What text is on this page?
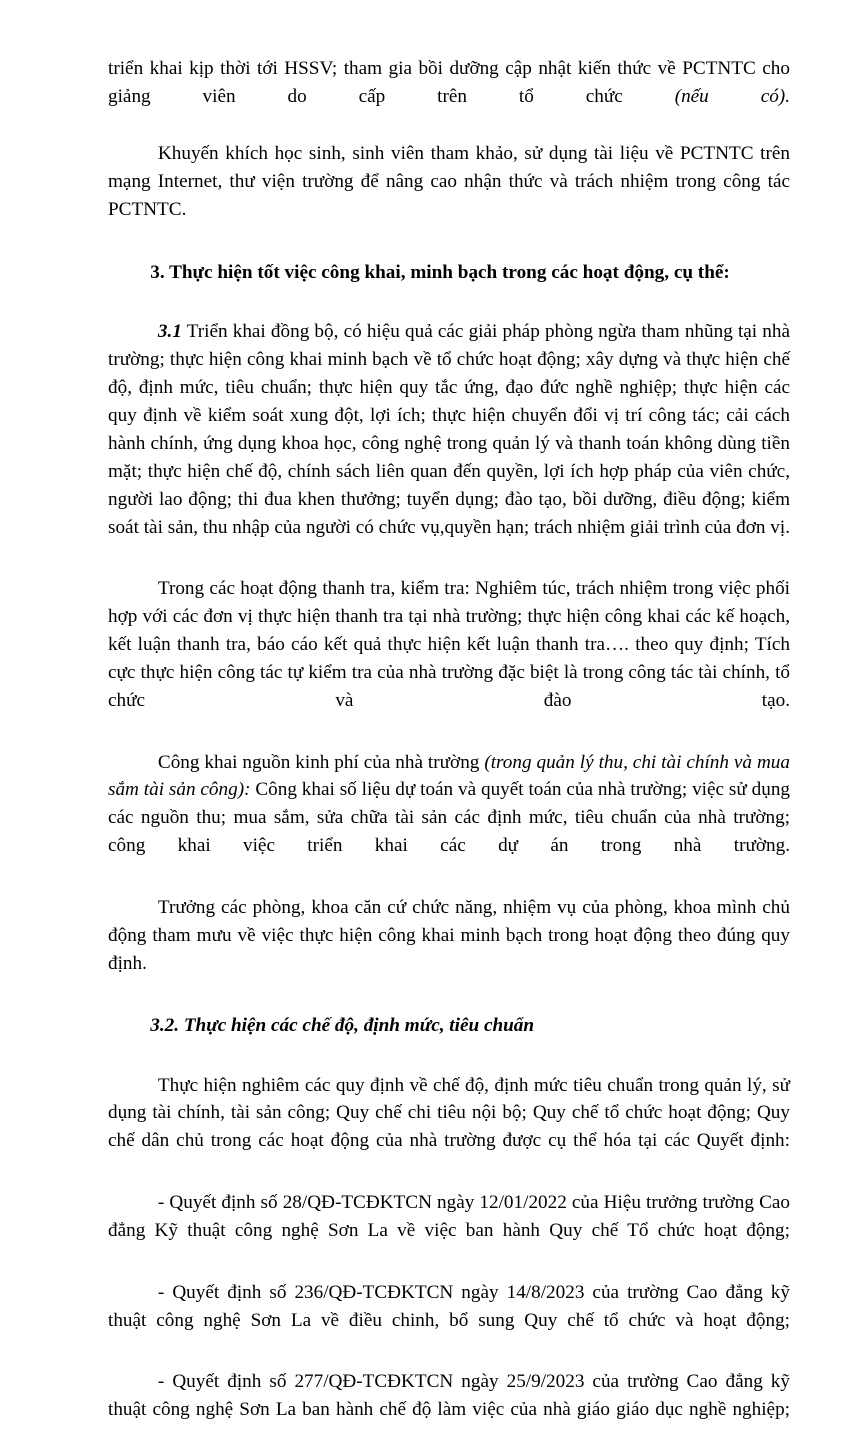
triển khai kịp thời tới HSSV; tham gia bồi dưỡng cập nhật kiến thức về PCTNTC cho giảng viên do cấp trên tổ chức (nếu có).

Khuyến khích học sinh, sinh viên tham khảo, sử dụng tài liệu về PCTNTC trên mạng Internet, thư viện trường để nâng cao nhận thức và trách nhiệm trong công tác PCTNTC.

3. Thực hiện tốt việc công khai, minh bạch trong các hoạt động, cụ thể:

3.1 Triển khai đồng bộ, có hiệu quả các giải pháp phòng ngừa tham nhũng tại nhà trường; thực hiện công khai minh bạch về tổ chức hoạt động; xây dựng và thực hiện chế độ, định mức, tiêu chuẩn; thực hiện quy tắc ứng, đạo đức nghề nghiệp; thực hiện các quy định về kiểm soát xung đột, lợi ích; thực hiện chuyển đổi vị trí công tác; cải cách hành chính, ứng dụng khoa học, công nghệ trong quản lý và thanh toán không dùng tiền mặt; thực hiện chế độ, chính sách liên quan đến quyền, lợi ích hợp pháp của viên chức, người lao động; thi đua khen thưởng; tuyển dụng; đào tạo, bồi dưỡng, điều động; kiểm soát tài sản, thu nhập của người có chức vụ,quyền hạn; trách nhiệm giải trình của đơn vị.

Trong các hoạt động thanh tra, kiểm tra: Nghiêm túc, trách nhiệm trong việc phối hợp với các đơn vị thực hiện thanh tra tại nhà trường; thực hiện công khai các kế hoạch, kết luận thanh tra, báo cáo kết quả thực hiện kết luận thanh tra…. theo quy định; Tích cực thực hiện công tác tự kiểm tra của nhà trường đặc biệt là trong công tác tài chính, tổ chức và đào tạo.

Công khai nguồn kinh phí của nhà trường (trong quản lý thu, chi tài chính và mua sắm tài sản công): Công khai số liệu dự toán và quyết toán của nhà trường; việc sử dụng các nguồn thu; mua sắm, sửa chữa tài sản các định mức, tiêu chuẩn của nhà trường; công khai việc triển khai các dự án trong nhà trường.

Trưởng các phòng, khoa căn cứ chức năng, nhiệm vụ của phòng, khoa mình chủ động tham mưu về việc thực hiện công khai minh bạch trong hoạt động theo đúng quy định.

3.2. Thực hiện các chế độ, định mức, tiêu chuẩn

Thực hiện nghiêm các quy định về chế độ, định mức tiêu chuẩn trong quản lý, sử dụng tài chính, tài sản công; Quy chế chi tiêu nội bộ; Quy chế tổ chức hoạt động; Quy chế dân chủ trong các hoạt động của nhà trường được cụ thể hóa tại các Quyết định:

- Quyết định số 28/QĐ-TCĐKTCN ngày 12/01/2022 của Hiệu trưởng trường Cao đẳng Kỹ thuật công nghệ Sơn La về việc ban hành Quy chế Tổ chức hoạt động;

- Quyết định số 236/QĐ-TCĐKTCN ngày 14/8/2023 của trường Cao đẳng kỹ thuật công nghệ Sơn La về điều chinh, bổ sung Quy chế tổ chức và hoạt động;

- Quyết định số 277/QĐ-TCĐKTCN ngày 25/9/2023 của trường Cao đẳng kỹ thuật công nghệ Sơn La ban hành chế độ làm việc của nhà giáo giáo dục nghề nghiệp;
